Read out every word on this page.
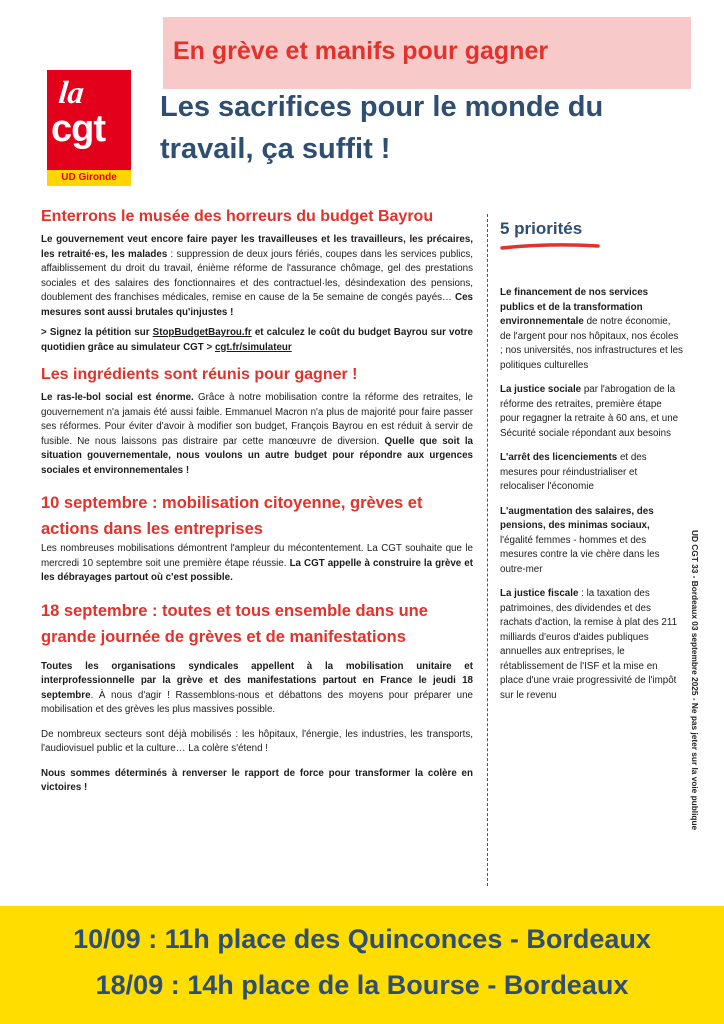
En grève et manifs pour gagner
la
cgt
UD Gironde
Les sacrifices pour le monde du travail, ça suffit !
Enterrons le musée des horreurs du budget Bayrou

Le gouvernement veut encore faire payer les travailleuses et les travailleurs, les précaires, les retraité·es, les malades : suppression de deux jours fériés, coupes dans les services publics, affaiblissement du droit du travail, énième réforme de l'assurance chômage, gel des prestations sociales et des salaires des fonctionnaires et des contractuel·les, désindexation des pensions, doublement des franchises médicales, remise en cause de la 5e semaine de congés payés… Ces mesures sont aussi brutales qu'injustes !

> Signez la pétition sur StopBudgetBayrou.fr et calculez le coût du budget Bayrou sur votre quotidien grâce au simulateur CGT > cgt.fr/simulateur

Les ingrédients sont réunis pour gagner !

Le ras-le-bol social est énorme. Grâce à notre mobilisation contre la réforme des retraites, le gouvernement n'a jamais été aussi faible. Emmanuel Macron n'a plus de majorité pour faire passer ses réformes. Pour éviter d'avoir à modifier son budget, François Bayrou en est réduit à servir de fusible. Ne nous laissons pas distraire par cette manœuvre de diversion. Quelle que soit la situation gouvernementale, nous voulons un autre budget pour répondre aux urgences sociales et environnementales !

10 septembre : mobilisation citoyenne, grèves et actions dans les entreprises

Les nombreuses mobilisations démontrent l'ampleur du mécontentement. La CGT souhaite que le mercredi 10 septembre soit une première étape réussie. La CGT appelle à construire la grève et les débrayages partout où c'est possible.

18 septembre : toutes et tous ensemble dans une grande journée de grèves et de manifestations

Toutes les organisations syndicales appellent à la mobilisation unitaire et interprofessionnelle par la grève et des manifestations partout en France le jeudi 18 septembre. À nous d'agir ! Rassemblons-nous et débattons des moyens pour préparer une mobilisation et des grèves les plus massives possible.

De nombreux secteurs sont déjà mobilisés : les hôpitaux, l'énergie, les industries, les transports, l'audiovisuel public et la culture… La colère s'étend !

Nous sommes déterminés à renverser le rapport de force pour transformer la colère en victoires !

5 priorités

Le financement de nos services publics et de la transformation environnementale de notre économie, de l'argent pour nos hôpitaux, nos écoles ; nos universités, nos infrastructures et les politiques culturelles

La justice sociale par l'abrogation de la réforme des retraites, première étape pour regagner la retraite à 60 ans, et une Sécurité sociale répondant aux besoins

L'arrêt des licenciements et des mesures pour réindustrialiser et relocaliser l'économie

L'augmentation des salaires, des pensions, des minimas sociaux, l'égalité femmes - hommes et des mesures contre la vie chère dans les outre-mer

La justice fiscale : la taxation des patrimoines, des dividendes et des rachats d'action, la remise à plat des 211 milliards d'euros d'aides publiques annuelles aux entreprises, le rétablissement de l'ISF et la mise en place d'une vraie progressivité de l'impôt sur le revenu	UD CGT 33 - Bordeaux 03 septembre 2025 - Ne pas jeter sur la voie publique
10/09 : 11h place des Quinconces - Bordeaux
18/09 : 14h place de la Bourse - Bordeaux
